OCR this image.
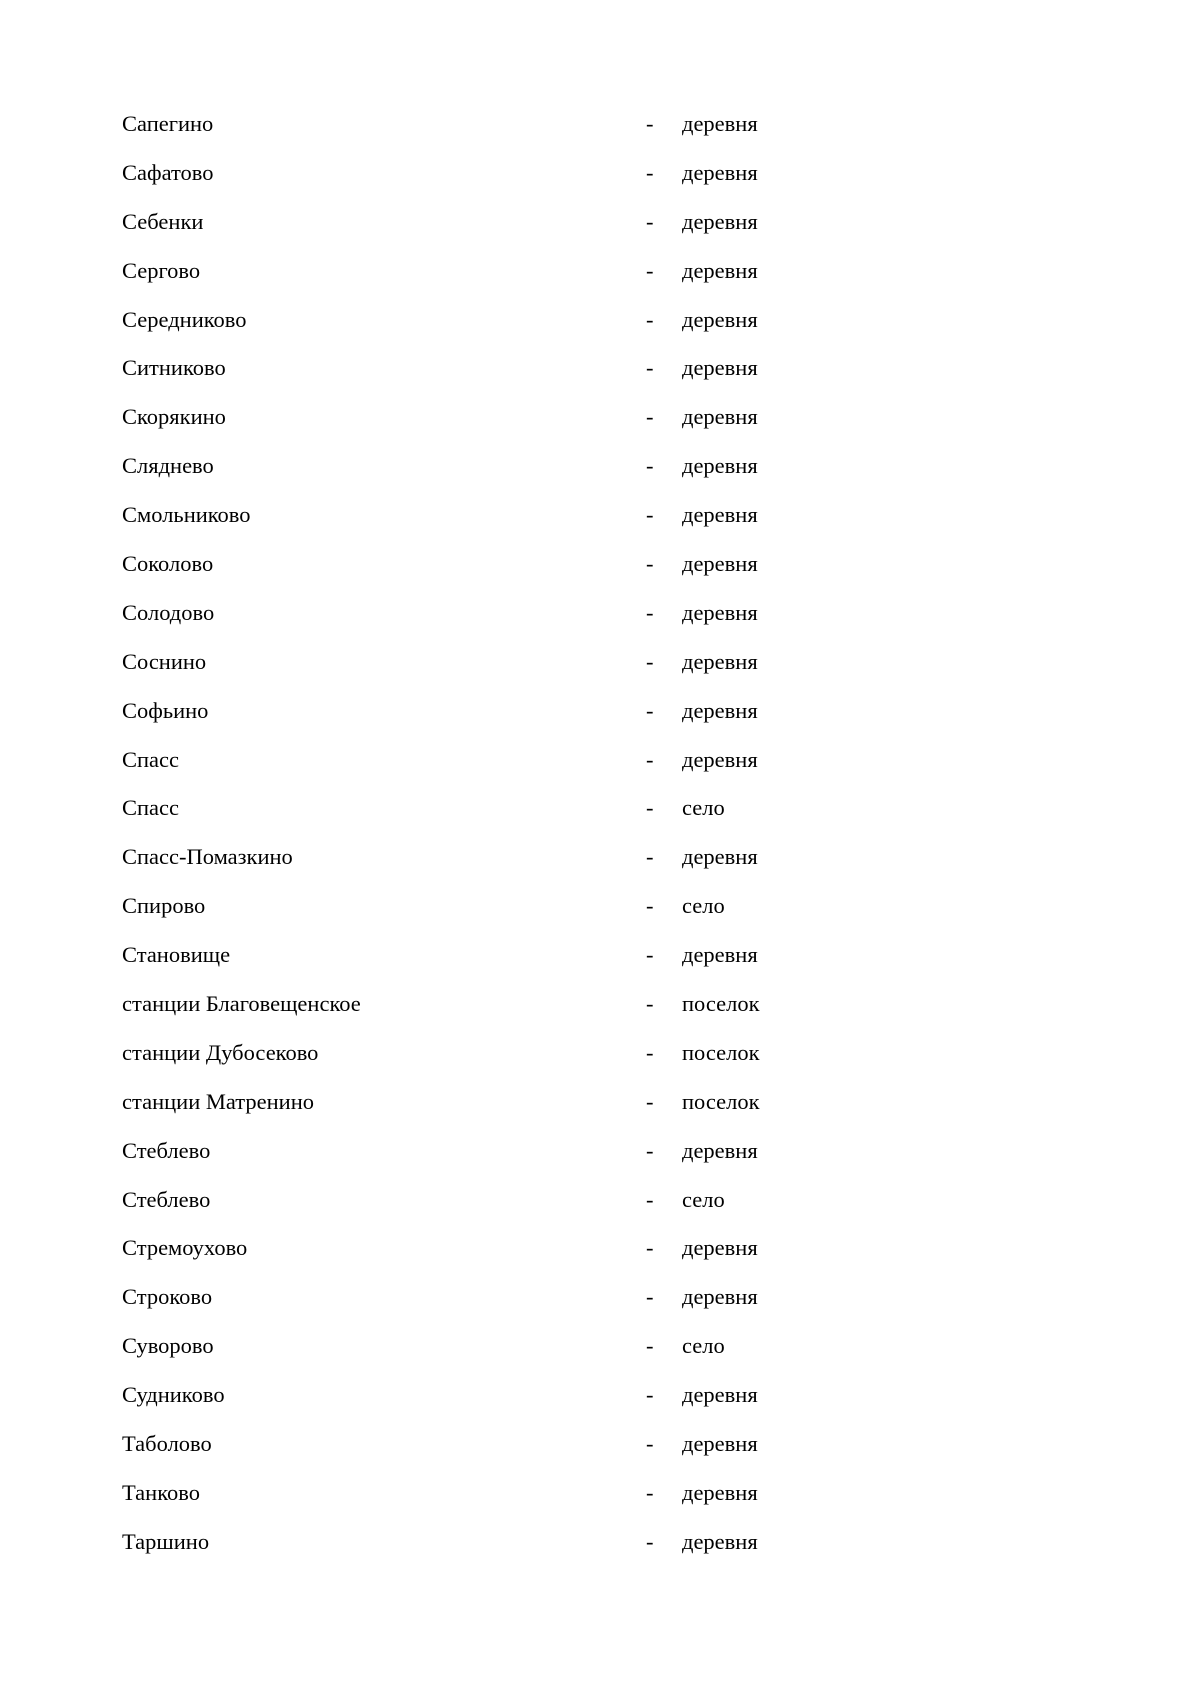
Сапегино	- деревня
Сафатово	- деревня
Себенки	- деревня
Сергово	- деревня
Середниково	- деревня
Ситниково	- деревня
Скорякино	- деревня
Сляднево	- деревня
Смольниково	- деревня
Соколово	- деревня
Солодово	- деревня
Соснино	- деревня
Софьино	- деревня
Спасс	- деревня
Спасс	- село
Спасс-Помазкино	- деревня
Спирово	- село
Становище	- деревня
станции Благовещенское	- поселок
станции Дубосеково	- поселок
станции Матренино	- поселок
Стеблево	- деревня
Стеблево	- село
Стремоухово	- деревня
Строково	- деревня
Суворово	- село
Судниково	- деревня
Таболово	- деревня
Танково	- деревня
Таршино	- деревня
